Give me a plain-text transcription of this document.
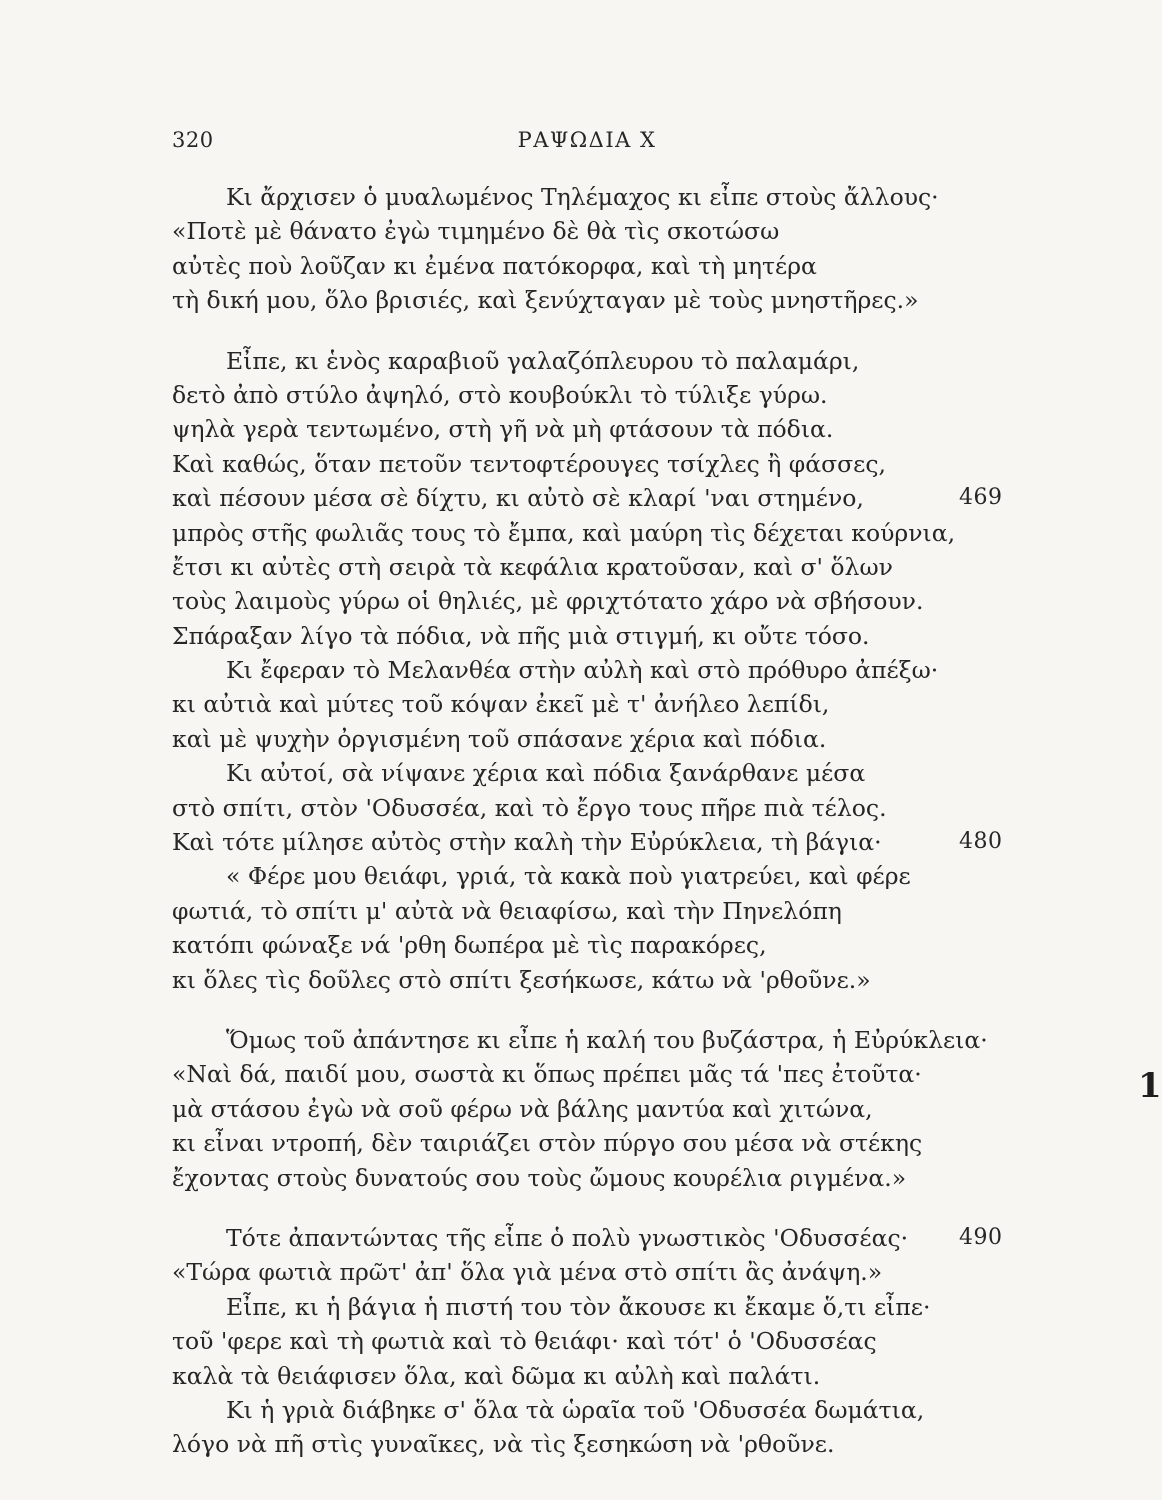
320	ΡΑΨΩΔΙΑ Χ
Κι ἄρχισεν ὁ μυαλωμένος Τηλέμαχος κι εἶπε στοὺς ἄλλους·
«Ποτὲ μὲ θάνατο ἐγὼ τιμημένο δὲ θὰ τὶς σκοτώσω
αὐτὲς ποὺ λοῦζαν κι ἐμένα πατόκορφα, καὶ τὴ μητέρα
τὴ δική μου, ὅλο βρισιές, καὶ ξενύχταγαν μὲ τοὺς μνηστῆρες.»
Εἶπε, κι ἑνὸς καραβιοῦ γαλαζόπλευρου τὸ παλαμάρι,
δετὸ ἀπὸ στύλο ἀψηλό, στὸ κουβούκλι τὸ τύλιξε γύρω.
ψηλὰ γερὰ τεντωμένο, στὴ γῆ νὰ μὴ φτάσουν τὰ πόδια.
Καὶ καθώς, ὅταν πετοῦν τεντοφτέρουγες τσίχλες ἢ φάσσες,
καὶ πέσουν μέσα σὲ δίχτυ, κι αὐτὸ σὲ κλαρί 'ναι στημένο,	469
μπρὸς στῆς φωλιᾶς τους τὸ ἔμπα, καὶ μαύρη τὶς δέχεται κούρνια,
ἔτσι κι αὐτὲς στὴ σειρὰ τὰ κεφάλια κρατοῦσαν, καὶ σ' ὅλων
τοὺς λαιμοὺς γύρω οἱ θηλιές, μὲ φριχτότατο χάρο νὰ σβήσουν.
Σπάραξαν λίγο τὰ πόδια, νὰ πῆς μιὰ στιγμή, κι οὔτε τόσο.
Κι ἔφεραν τὸ Μελανθέα στὴν αὐλὴ καὶ στὸ πρόθυρο ἀπέξω·
κι αὐτιὰ καὶ μύτες τοῦ κόψαν ἐκεῖ μὲ τ' ἀνήλεο λεπίδι,
καὶ μὲ ψυχὴν ὀργισμένη τοῦ σπάσανε χέρια καὶ πόδια.
Κι αὐτοί, σὰ νίψανε χέρια καὶ πόδια ξανάρθανε μέσα
στὸ σπίτι, στὸν 'Οδυσσέα, καὶ τὸ ἔργο τους πῆρε πιὰ τέλος.
Καὶ τότε μίλησε αὐτὸς στὴν καλὴ τὴν Εὐρύκλεια, τὴ βάγια·	480
« Φέρε μου θειάφι, γριά, τὰ κακὰ ποὺ γιατρεύει, καὶ φέρε
φωτιά, τὸ σπίτι μ' αὐτὰ νὰ θειαφίσω, καὶ τὴν Πηνελόπη
κατόπι φώναξε νά 'ρθη δωπέρα μὲ τὶς παρακόρες,
κι ὅλες τὶς δοῦλες στὸ σπίτι ξεσήκωσε, κάτω νὰ 'ρθοῦνε.»
Ὅμως τοῦ ἀπάντησε κι εἶπε ἡ καλή του βυζάστρα, ἡ Εὐρύκλεια·
«Ναὶ δά, παιδί μου, σωστὰ κι ὅπως πρέπει μᾶς τά 'πες ἐτοῦτα·
μὰ στάσου ἐγὼ νὰ σοῦ φέρω νὰ βάλης μαντύα καὶ χιτώνα,
κι εἶναι ντροπή, δὲν ταιριάζει στὸν πύργο σου μέσα νὰ στέκης
ἔχοντας στοὺς δυνατούς σου τοὺς ὤμους κουρέλια ριγμένα.»
Τότε ἀπαντώντας τῆς εἶπε ὁ πολὺ γνωστικὸς 'Οδυσσέας· 490
«Τώρα φωτιὰ πρῶτ' ἀπ' ὅλα γιὰ μένα στὸ σπίτι ἂς ἀνάψη.»
Εἶπε, κι ἡ βάγια ἡ πιστή του τὸν ἄκουσε κι ἔκαμε ὅ,τι εἶπε·
τοῦ 'φερε καὶ τὴ φωτιὰ καὶ τὸ θειάφι· καὶ τότ' ὁ 'Οδυσσέας
καλὰ τὰ θειάφισεν ὅλα, καὶ δῶμα κι αὐλὴ καὶ παλάτι.
Κι ἡ γριὰ διάβηκε σ' ὅλα τὰ ὡραῖα τοῦ 'Οδυσσέα δωμάτια,
λόγο νὰ πῆ στὶς γυναῖκες, νὰ τὶς ξεσηκώση νὰ 'ρθοῦνε.
1
